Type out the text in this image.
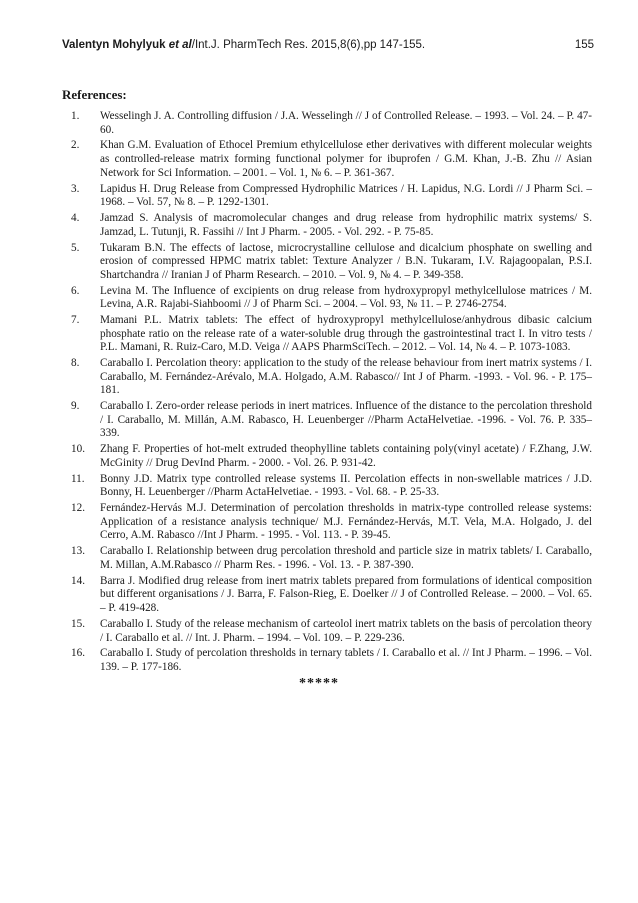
Valentyn Mohylyuk et al/Int.J. PharmTech Res. 2015,8(6),pp 147-155.	155
References:
1.	Wesselingh J. A. Controlling diffusion / J.A. Wesselingh // J of Controlled Release. – 1993. – Vol. 24. – P. 47-60.
2.	Khan G.M. Evaluation of Ethocel Premium ethylcellulose ether derivatives with different molecular weights as controlled-release matrix forming functional polymer for ibuprofen / G.M. Khan, J.-B. Zhu // Asian Network for Sci Information. – 2001. – Vol. 1, № 6. – P. 361-367.
3.	Lapidus H. Drug Release from Compressed Hydrophilic Matrices / H. Lapidus, N.G. Lordi // J Pharm Sci. – 1968. – Vol. 57, № 8. – P. 1292-1301.
4.	Jamzad S. Analysis of macromolecular changes and drug release from hydrophilic matrix systems/ S. Jamzad, L. Tutunji, R. Fassihi // Int J Pharm. - 2005. - Vol. 292. - P. 75-85.
5.	Tukaram B.N. The effects of lactose, microcrystalline cellulose and dicalcium phosphate on swelling and erosion of compressed HPMC matrix tablet: Texture Analyzer / B.N. Tukaram, I.V. Rajagoopalan, P.S.I. Shartchandra // Iranian J of Pharm Research. – 2010. – Vol. 9, № 4. – P. 349-358.
6.	Levina M. The Influence of excipients on drug release from hydroxypropyl methylcellulose matrices / M. Levina, A.R. Rajabi-Siahboomi // J of Pharm Sci. – 2004. – Vol. 93, № 11. – P. 2746-2754.
7.	Mamani P.L. Matrix tablets: The effect of hydroxypropyl methylcellulose/anhydrous dibasic calcium phosphate ratio on the release rate of a water-soluble drug through the gastrointestinal tract I. In vitro tests / P.L. Mamani, R. Ruiz-Caro, M.D. Veiga // AAPS PharmSciTech. – 2012. – Vol. 14, № 4. – P. 1073-1083.
8.	Caraballo I. Percolation theory: application to the study of the release behaviour from inert matrix systems / I. Caraballo, M. Fernández-Arévalo, M.A. Holgado, A.M. Rabasco// Int J of Pharm. -1993. - Vol. 96. - P. 175–181.
9.	Caraballo I. Zero-order release periods in inert matrices. Influence of the distance to the percolation threshold / I. Caraballo, M. Millán, A.M. Rabasco, H. Leuenberger //Pharm ActaHelvetiae. -1996. - Vol. 76. P. 335–339.
10.	Zhang F. Properties of hot-melt extruded theophylline tablets containing poly(vinyl acetate) / F.Zhang, J.W. McGinity // Drug DevInd Pharm. - 2000. - Vol. 26. P. 931-42.
11.	Bonny J.D. Matrix type controlled release systems II. Percolation effects in non-swellable matrices / J.D. Bonny, H. Leuenberger //Pharm ActaHelvetiae. - 1993. - Vol. 68. - P. 25-33.
12.	Fernández-Hervás M.J. Determination of percolation thresholds in matrix-type controlled release systems: Application of a resistance analysis technique/ M.J. Fernández-Hervás, M.T. Vela, M.A. Holgado, J. del Cerro, A.M. Rabasco //Int J Pharm. - 1995. - Vol. 113. - P. 39-45.
13.	Caraballo I. Relationship between drug percolation threshold and particle size in matrix tablets/ I. Caraballo, M. Millan, A.M.Rabasco // Pharm Res. - 1996. - Vol. 13. - P. 387-390.
14.	Barra J. Modified drug release from inert matrix tablets prepared from formulations of identical composition but different organisations / J. Barra, F. Falson-Rieg, E. Doelker // J of Controlled Release. – 2000. – Vol. 65. – P. 419-428.
15.	Caraballo I. Study of the release mechanism of carteolol inert matrix tablets on the basis of percolation theory / I. Caraballo et al. // Int. J. Pharm. – 1994. – Vol. 109. – P. 229-236.
16.	Caraballo I. Study of percolation thresholds in ternary tablets / I. Caraballo et al. // Int J Pharm. – 1996. – Vol. 139. – P. 177-186.
*****
